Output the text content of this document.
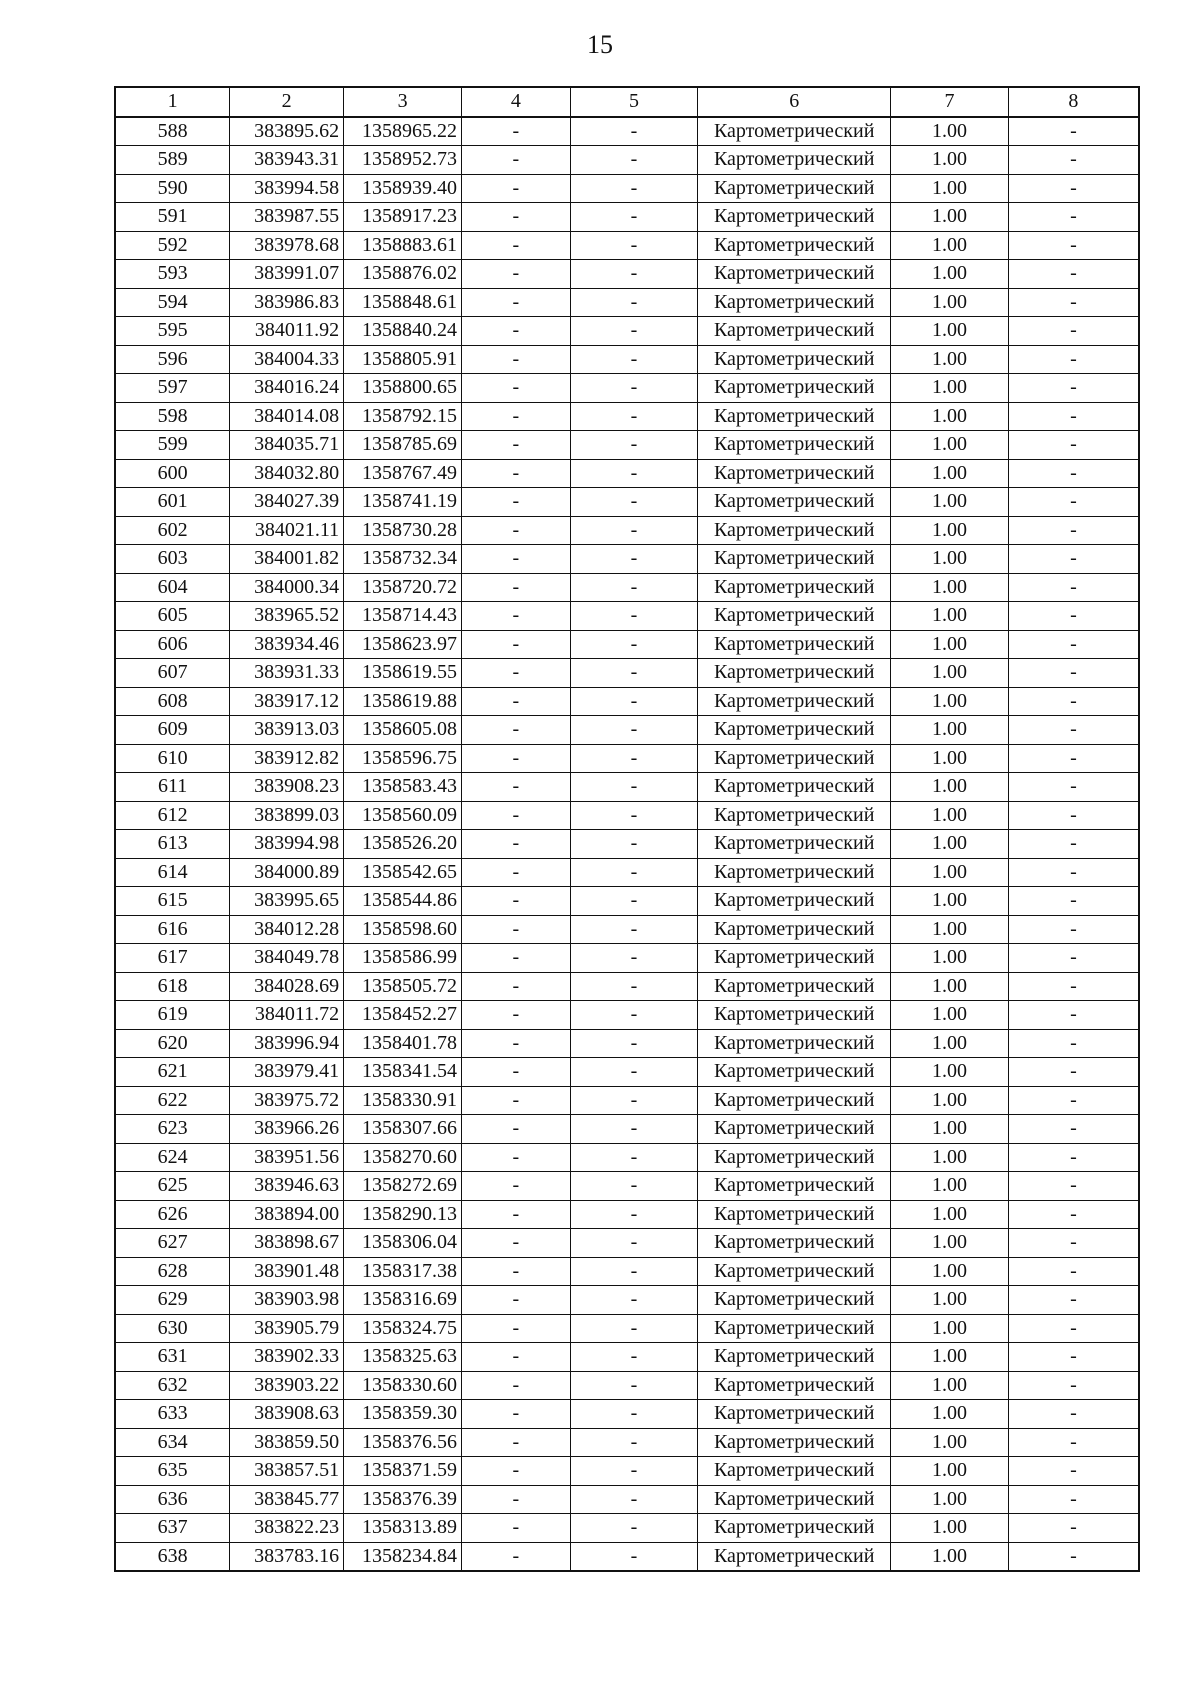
15
1	2	3	4	5	6	7	8
588	383895.62	1358965.22	-	-	Картометрический	1.00	-
589	383943.31	1358952.73	-	-	Картометрический	1.00	-
590	383994.58	1358939.40	-	-	Картометрический	1.00	-
591	383987.55	1358917.23	-	-	Картометрический	1.00	-
592	383978.68	1358883.61	-	-	Картометрический	1.00	-
593	383991.07	1358876.02	-	-	Картометрический	1.00	-
594	383986.83	1358848.61	-	-	Картометрический	1.00	-
595	384011.92	1358840.24	-	-	Картометрический	1.00	-
596	384004.33	1358805.91	-	-	Картометрический	1.00	-
597	384016.24	1358800.65	-	-	Картометрический	1.00	-
598	384014.08	1358792.15	-	-	Картометрический	1.00	-
599	384035.71	1358785.69	-	-	Картометрический	1.00	-
600	384032.80	1358767.49	-	-	Картометрический	1.00	-
601	384027.39	1358741.19	-	-	Картометрический	1.00	-
602	384021.11	1358730.28	-	-	Картометрический	1.00	-
603	384001.82	1358732.34	-	-	Картометрический	1.00	-
604	384000.34	1358720.72	-	-	Картометрический	1.00	-
605	383965.52	1358714.43	-	-	Картометрический	1.00	-
606	383934.46	1358623.97	-	-	Картометрический	1.00	-
607	383931.33	1358619.55	-	-	Картометрический	1.00	-
608	383917.12	1358619.88	-	-	Картометрический	1.00	-
609	383913.03	1358605.08	-	-	Картометрический	1.00	-
610	383912.82	1358596.75	-	-	Картометрический	1.00	-
611	383908.23	1358583.43	-	-	Картометрический	1.00	-
612	383899.03	1358560.09	-	-	Картометрический	1.00	-
613	383994.98	1358526.20	-	-	Картометрический	1.00	-
614	384000.89	1358542.65	-	-	Картометрический	1.00	-
615	383995.65	1358544.86	-	-	Картометрический	1.00	-
616	384012.28	1358598.60	-	-	Картометрический	1.00	-
617	384049.78	1358586.99	-	-	Картометрический	1.00	-
618	384028.69	1358505.72	-	-	Картометрический	1.00	-
619	384011.72	1358452.27	-	-	Картометрический	1.00	-
620	383996.94	1358401.78	-	-	Картометрический	1.00	-
621	383979.41	1358341.54	-	-	Картометрический	1.00	-
622	383975.72	1358330.91	-	-	Картометрический	1.00	-
623	383966.26	1358307.66	-	-	Картометрический	1.00	-
624	383951.56	1358270.60	-	-	Картометрический	1.00	-
625	383946.63	1358272.69	-	-	Картометрический	1.00	-
626	383894.00	1358290.13	-	-	Картометрический	1.00	-
627	383898.67	1358306.04	-	-	Картометрический	1.00	-
628	383901.48	1358317.38	-	-	Картометрический	1.00	-
629	383903.98	1358316.69	-	-	Картометрический	1.00	-
630	383905.79	1358324.75	-	-	Картометрический	1.00	-
631	383902.33	1358325.63	-	-	Картометрический	1.00	-
632	383903.22	1358330.60	-	-	Картометрический	1.00	-
633	383908.63	1358359.30	-	-	Картометрический	1.00	-
634	383859.50	1358376.56	-	-	Картометрический	1.00	-
635	383857.51	1358371.59	-	-	Картометрический	1.00	-
636	383845.77	1358376.39	-	-	Картометрический	1.00	-
637	383822.23	1358313.89	-	-	Картометрический	1.00	-
638	383783.16	1358234.84	-	-	Картометрический	1.00	-
